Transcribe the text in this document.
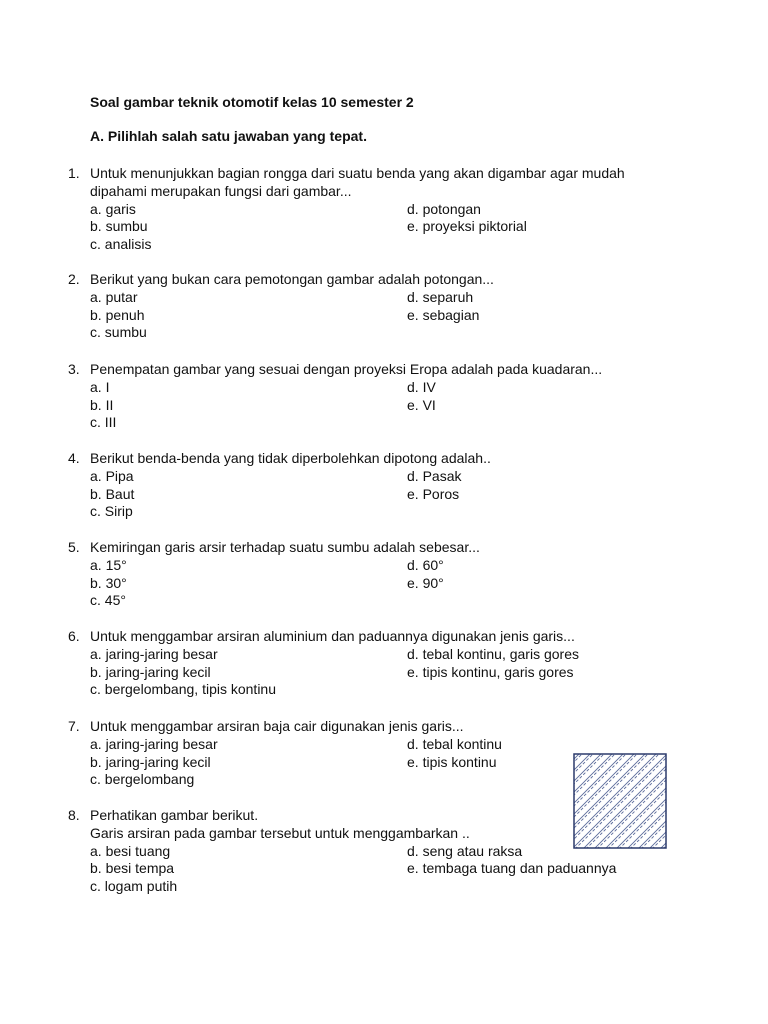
Soal gambar teknik otomotif kelas 10 semester 2
A. Pilihlah salah satu jawaban yang tepat.
1. Untuk menunjukkan bagian rongga dari suatu benda yang akan digambar agar mudah
dipahami merupakan fungsi dari gambar...
a. garis
b. sumbu
c. analisis
d. potongan
e. proyeksi piktorial
2. Berikut yang bukan cara pemotongan gambar adalah potongan...
a. putar
b. penuh
c. sumbu
d. separuh
e. sebagian
3. Penempatan gambar yang sesuai dengan proyeksi Eropa adalah pada kuadaran...
a. I
b. II
c. III
d. IV
e. VI
4. Berikut benda-benda yang tidak diperbolehkan dipotong adalah..
a. Pipa
b. Baut
c. Sirip
d. Pasak
e. Poros
5. Kemiringan garis arsir terhadap suatu sumbu adalah sebesar...
a. 15°
b. 30°
c. 45°
d. 60°
e. 90°
6. Untuk menggambar arsiran aluminium dan paduannya digunakan jenis garis...
a. jaring-jaring besar
b. jaring-jaring kecil
c. bergelombang, tipis kontinu
d. tebal kontinu, garis gores
e. tipis kontinu, garis gores
7. Untuk menggambar arsiran baja cair digunakan jenis garis...
a. jaring-jaring besar
b. jaring-jaring kecil
c. bergelombang
d. tebal kontinu
e. tipis kontinu
8. Perhatikan gambar berikut.
Garis arsiran pada gambar tersebut untuk menggambarkan ..
a. besi tuang
b. besi tempa
c. logam putih
d. seng atau raksa
e. tembaga tuang dan paduannya
